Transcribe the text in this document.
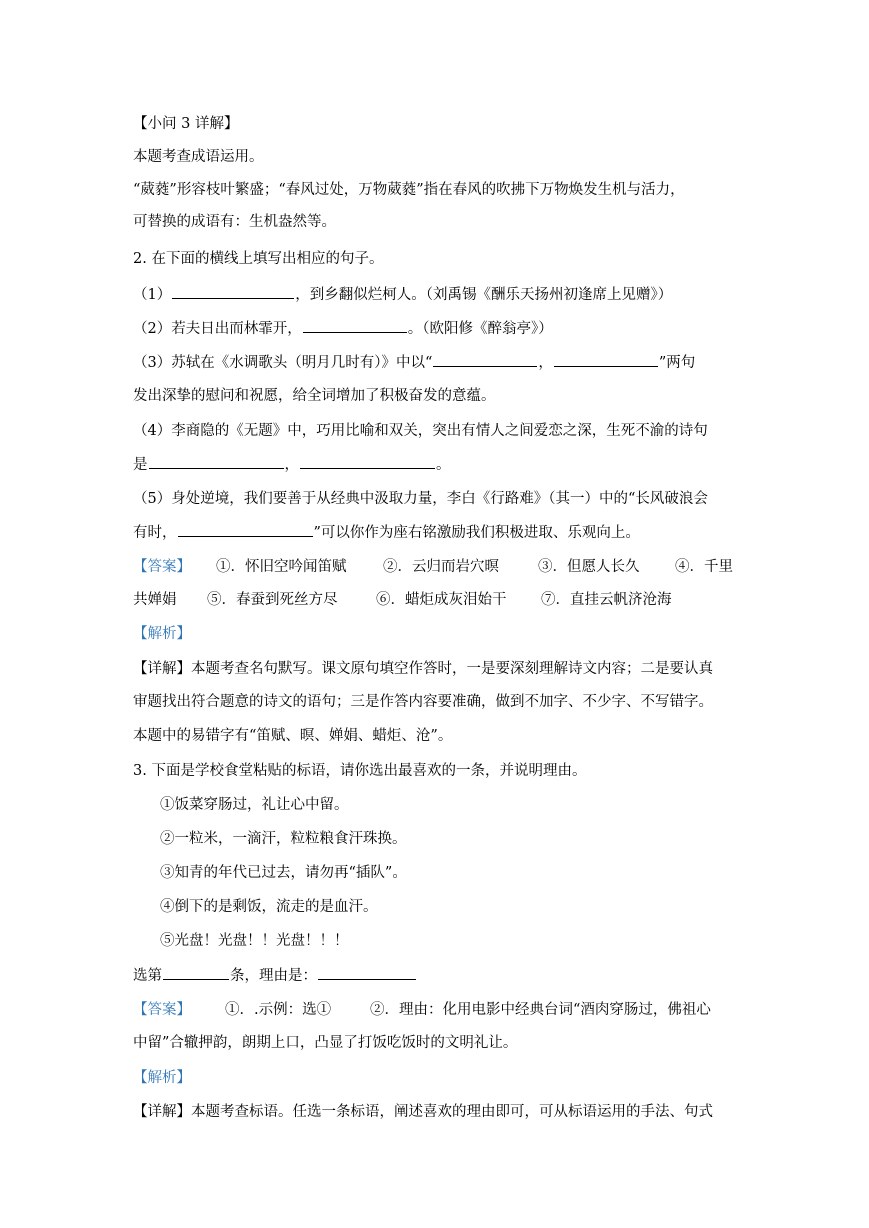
【小问 3 详解】
本题考查成语运用。
“葳蕤”形容枝叶繁盛；“春风过处，万物葳蕤”指在春风的吹拂下万物焕发生机与活力，
可替换的成语有：生机盎然等。
2. 在下面的横线上填写出相应的句子。
（1）	，到乡翻似烂柯人。（刘禹锡《酬乐天扬州初逢席上见赠》）
（2）若夫日出而林霏开，	。（欧阳修《醉翁亭》）
（3）苏轼在《水调歌头（明月几时有）》中以“	，	”两句
发出深挚的慰问和祝愿，给全词增加了积极奋发的意蕴。
（4）李商隐的《无题》中，巧用比喻和双关，突出有情人之间爱恋之深，生死不渝的诗句
是	，	。
（5）身处逆境，我们要善于从经典中汲取力量，李白《行路难》（其一）中的“长风破浪会
有时，	”可以你作为座右铭激励我们积极进取、乐观向上。
【答案】 ①．怀旧空吟闻笛赋	②．云归而岩穴暝	③．但愿人长久 ④．千里
共婵娟 ⑤．春蚕到死丝方尽	⑥．蜡炬成灰泪始干 ⑦．直挂云帆济沧海
【解析】
【详解】本题考查名句默写。课文原句填空作答时，一是要深刻理解诗文内容；二是要认真
审题找出符合题意的诗文的语句；三是作答内容要准确，做到不加字、不少字、不写错字。
本题中的易错字有“笛赋、暝、婵娟、蜡炬、沧”。
3. 下面是学校食堂粘贴的标语，请你选出最喜欢的一条，并说明理由。
①饭菜穿肠过，礼让心中留。
②一粒米，一滴汗，粒粒粮食汗珠换。
③知青的年代已过去，请勿再“插队”。
④倒下的是剩饭，流走的是血汗。
⑤光盘！光盘！！光盘！！！
选第	条，理由是：
【答案】 ①．.示例：选①	②．理由：化用电影中经典台词“酒肉穿肠过，佛祖心
中留”合辙押韵，朗期上口，凸显了打饭吃饭时的文明礼让。
【解析】
【详解】本题考查标语。任选一条标语，阐述喜欢的理由即可，可从标语运用的手法、句式
